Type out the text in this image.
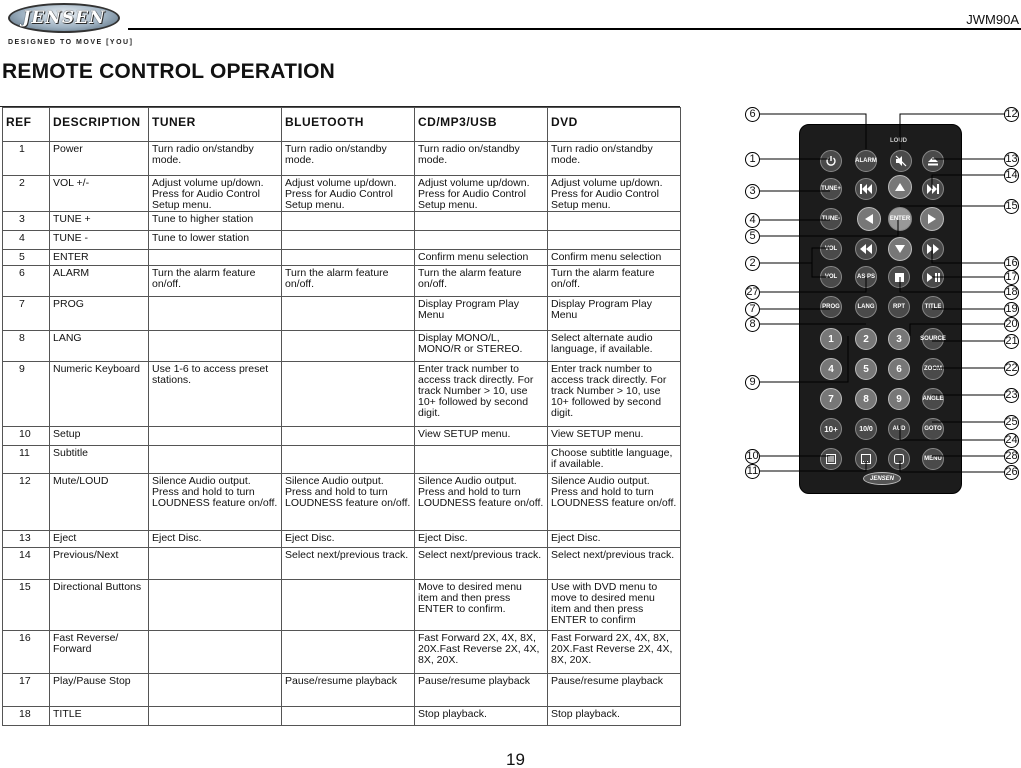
JENSEN
DESIGNED TO MOVE [YOU]
JWM90A
REMOTE CONTROL OPERATION
REF	DESCRIPTION	TUNER	BLUETOOTH	CD/MP3/USB	DVD
1	Power	Turn radio on/standby mode.	Turn radio on/standby mode.	Turn radio on/standby mode.	Turn radio on/standby mode.
2	VOL +/-	Adjust volume up/down. Press for Audio Control Setup menu.	Adjust volume up/down. Press for Audio Control Setup menu.	Adjust volume up/down. Press for Audio Control Setup menu.	Adjust volume up/down. Press for Audio Control Setup menu.
3	TUNE +	Tune to higher station			
4	TUNE -	Tune to lower station			
5	ENTER			Confirm menu selection	Confirm menu selection
6	ALARM	Turn the alarm feature on/off.	Turn the alarm feature on/off.	Turn the alarm feature on/off.	Turn the alarm feature on/off.
7	PROG			Display Program Play Menu	Display Program Play Menu
8	LANG			Display MONO/L, MONO/R or STEREO.	Select alternate audio language, if available.
9	Numeric Keyboard	Use 1-6 to access preset stations.		Enter track number to access track directly. For track Number > 10, use 10+ followed by second digit.	Enter track number to access track directly. For track Number > 10, use 10+ followed by second digit.
10	Setup			View SETUP menu.	View SETUP menu.
11	Subtitle				Choose subtitle language, if available.
12	Mute/LOUD	Silence Audio output. Press and hold to turn LOUDNESS feature on/off.	Silence Audio output. Press and hold to turn LOUDNESS feature on/off.	Silence Audio output. Press and hold to turn LOUDNESS feature on/off.	Silence Audio output. Press and hold to turn LOUDNESS feature on/off.
13	Eject	Eject Disc.	Eject Disc.	Eject Disc.	Eject Disc.
14	Previous/Next		Select next/previous track.	Select next/previous track.	Select next/previous track.
15	Directional Buttons			Move to desired menu item and then press ENTER to confirm.	Use with DVD menu to move to desired menu item and then press ENTER to confirm
16	Fast Reverse/ Forward			Fast Forward 2X, 4X, 8X, 20X.Fast Reverse 2X, 4X, 8X, 20X.	Fast Forward 2X, 4X, 8X, 20X.Fast Reverse 2X, 4X, 8X, 20X.
17	Play/Pause Stop		Pause/resume playback	Pause/resume playback	Pause/resume playback
18	TITLE			Stop playback.	Stop playback.
LOUD
ALARM
TUNE+
TUNE-	ENTER
VOL
VOL	AS PS
PROG	LANG	RPT	TITLE
SOURCE
ZOOM
ANGLE
10+	10/0	AUD	GOTO
MENU
JENSEN
1	2	3
4	5	6
7	8	9
6
1
3
4
5
2
27
7
8
9
10
11
12
13
14
15
16
17
18
19
20
21
22
23
25
24
28
26
19
